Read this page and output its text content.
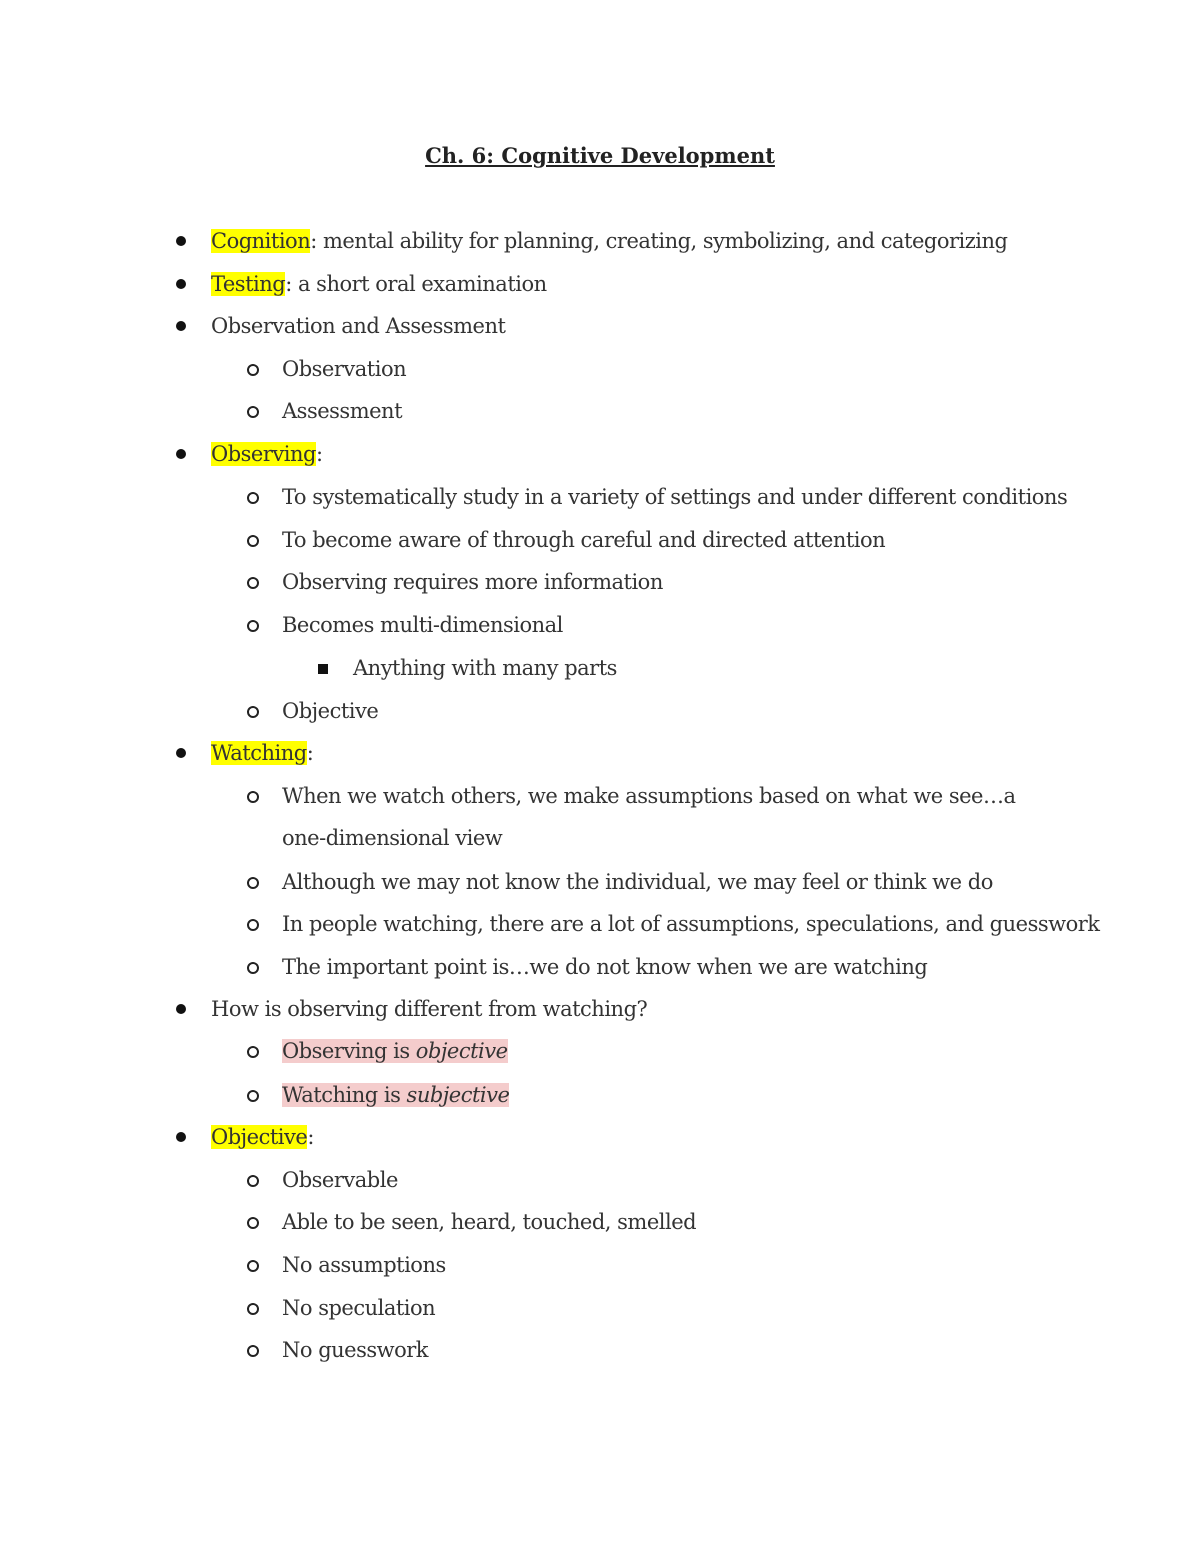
Ch. 6: Cognitive Development
Cognition: mental ability for planning, creating, symbolizing, and categorizing
Testing: a short oral examination
Observation and Assessment
Observation
Assessment
Observing:
To systematically study in a variety of settings and under different conditions
To become aware of through careful and directed attention
Observing requires more information
Becomes multi-dimensional
Anything with many parts
Objective
Watching:
When we watch others, we make assumptions based on what we see…a
one-dimensional view
Although we may not know the individual, we may feel or think we do
In people watching, there are a lot of assumptions, speculations, and guesswork
The important point is…we do not know when we are watching
How is observing different from watching?
Observing is objective
Watching is subjective
Objective:
Observable
Able to be seen, heard, touched, smelled
No assumptions
No speculation
No guesswork
